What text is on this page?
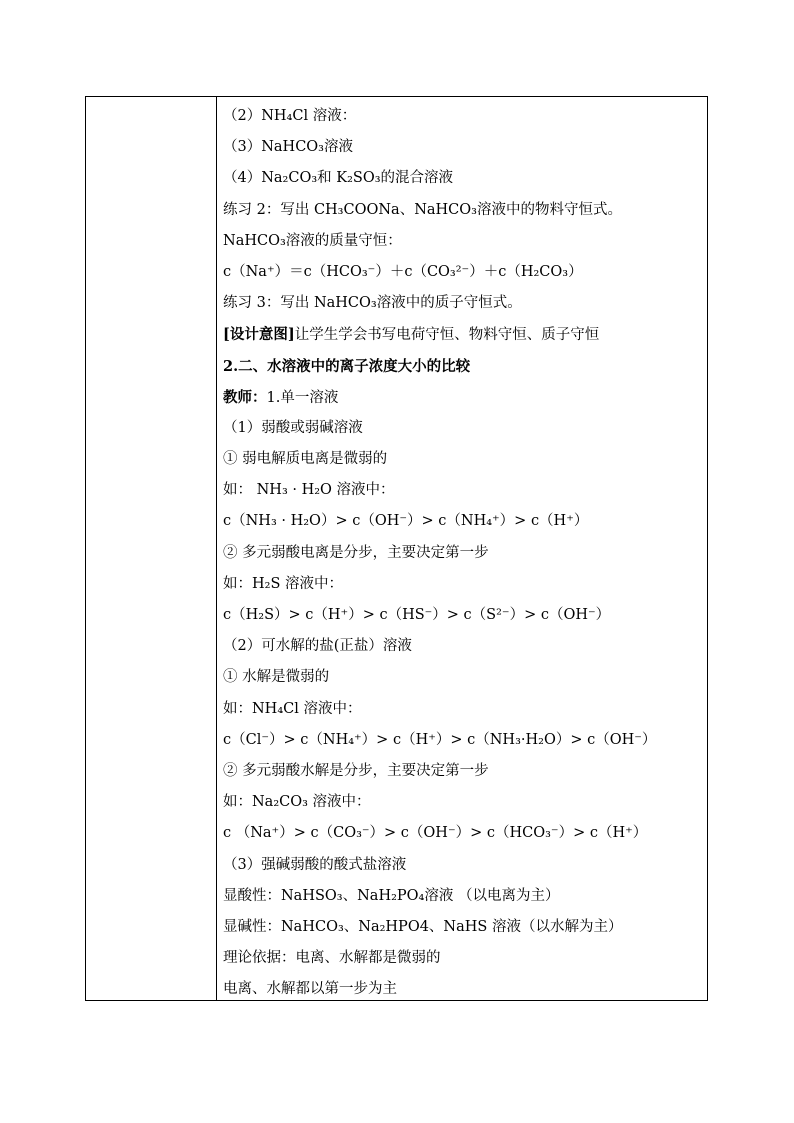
（2）NH₄Cl 溶液：
（3）NaHCO₃溶液
（4）Na₂CO₃和 K₂SO₃的混合溶液
练习 2：写出 CH₃COONa、NaHCO₃溶液中的物料守恒式。
NaHCO₃溶液的质量守恒：
c（Na⁺）＝c（HCO₃⁻）＋c（CO₃²⁻）＋c（H₂CO₃）
练习 3：写出 NaHCO₃溶液中的质子守恒式。
[设计意图]让学生学会书写电荷守恒、物料守恒、质子守恒
2.二、水溶液中的离子浓度大小的比较
教师：1.单一溶液
（1）弱酸或弱碱溶液
① 弱电解质电离是微弱的
如： NH₃ · H₂O 溶液中：
c（NH₃ · H₂O）> c（OH⁻）> c（NH₄⁺）> c（H⁺）
② 多元弱酸电离是分步，主要决定第一步
如：H₂S 溶液中：
c（H₂S）> c（H⁺）> c（HS⁻）> c（S²⁻）> c（OH⁻）
（2）可水解的盐(正盐）溶液
① 水解是微弱的
如：NH₄Cl 溶液中：
c（Cl⁻）> c（NH₄⁺）> c（H⁺）> c（NH₃·H₂O）> c（OH⁻）
② 多元弱酸水解是分步，主要决定第一步
如：Na₂CO₃ 溶液中：
c （Na⁺）> c（CO₃⁻）> c（OH⁻）> c（HCO₃⁻）> c（H⁺）
（3）强碱弱酸的酸式盐溶液
显酸性：NaHSO₃、NaH₂PO₄溶液 （以电离为主）
显碱性：NaHCO₃、Na₂HPO4、NaHS 溶液（以水解为主）
理论依据：电离、水解都是微弱的
电离、水解都以第一步为主
